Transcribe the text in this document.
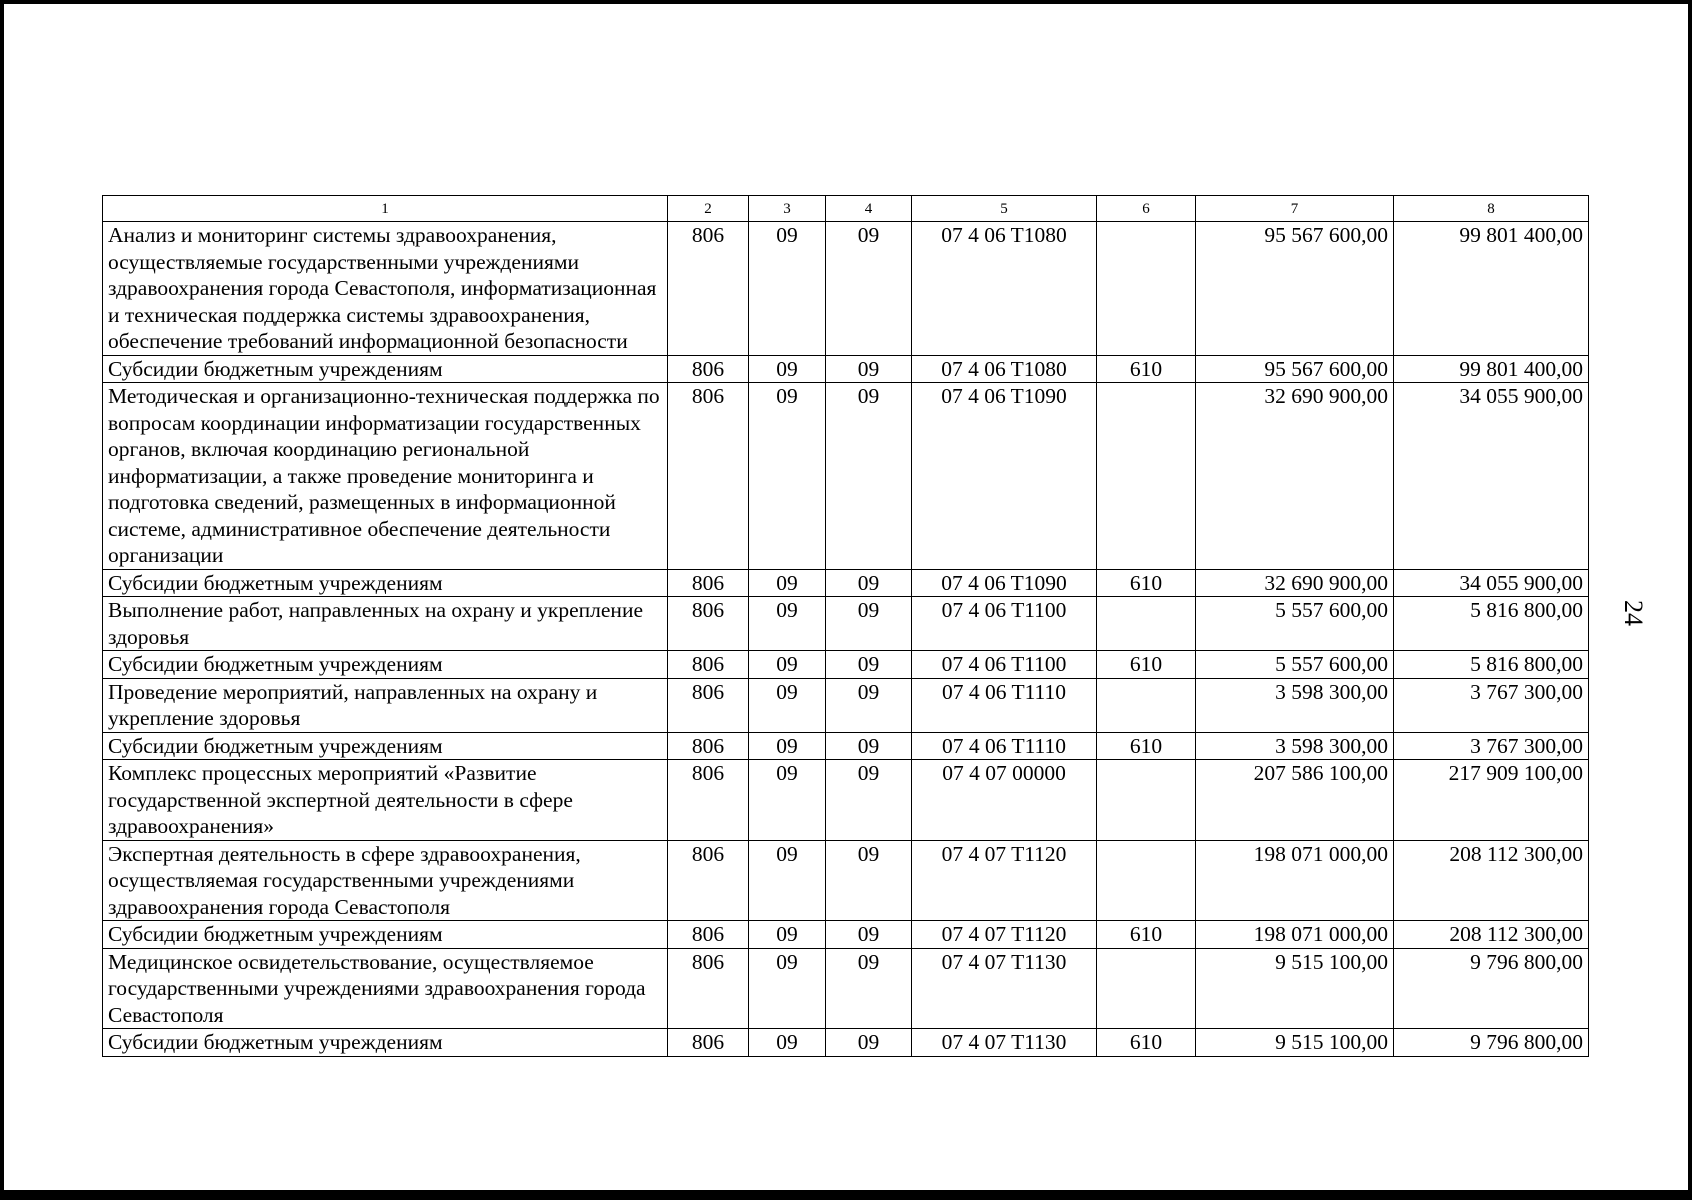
24
1	2	3	4	5	6	7	8
Анализ и мониторинг системы здравоохранения, осуществляемые государственными учреждениями здравоохранения города Севастополя, информатизационная и техническая поддержка системы здравоохранения, обеспечение требований информационной безопасности	806	09	09	07 4 06 T1080		95 567 600,00	99 801 400,00
Субсидии бюджетным учреждениям	806	09	09	07 4 06 T1080	610	95 567 600,00	99 801 400,00
Методическая и организационно-техническая поддержка по вопросам координации информатизации государственных органов, включая координацию региональной информатизации, а также проведение мониторинга и подготовка сведений, размещенных в информационной системе, административное обеспечение деятельности организации	806	09	09	07 4 06 T1090		32 690 900,00	34 055 900,00
Субсидии бюджетным учреждениям	806	09	09	07 4 06 T1090	610	32 690 900,00	34 055 900,00
Выполнение работ, направленных на охрану и укрепление здоровья	806	09	09	07 4 06 T1100		5 557 600,00	5 816 800,00
Субсидии бюджетным учреждениям	806	09	09	07 4 06 T1100	610	5 557 600,00	5 816 800,00
Проведение мероприятий, направленных на охрану и укрепление здоровья	806	09	09	07 4 06 T1110		3 598 300,00	3 767 300,00
Субсидии бюджетным учреждениям	806	09	09	07 4 06 T1110	610	3 598 300,00	3 767 300,00
Комплекс процессных мероприятий «Развитие государственной экспертной деятельности в сфере здравоохранения»	806	09	09	07 4 07 00000		207 586 100,00	217 909 100,00
Экспертная деятельность в сфере здравоохранения, осуществляемая государственными учреждениями здравоохранения города Севастополя	806	09	09	07 4 07 T1120		198 071 000,00	208 112 300,00
Субсидии бюджетным учреждениям	806	09	09	07 4 07 T1120	610	198 071 000,00	208 112 300,00
Медицинское освидетельствование, осуществляемое государственными учреждениями здравоохранения города Севастополя	806	09	09	07 4 07 T1130		9 515 100,00	9 796 800,00
Субсидии бюджетным учреждениям	806	09	09	07 4 07 T1130	610	9 515 100,00	9 796 800,00
